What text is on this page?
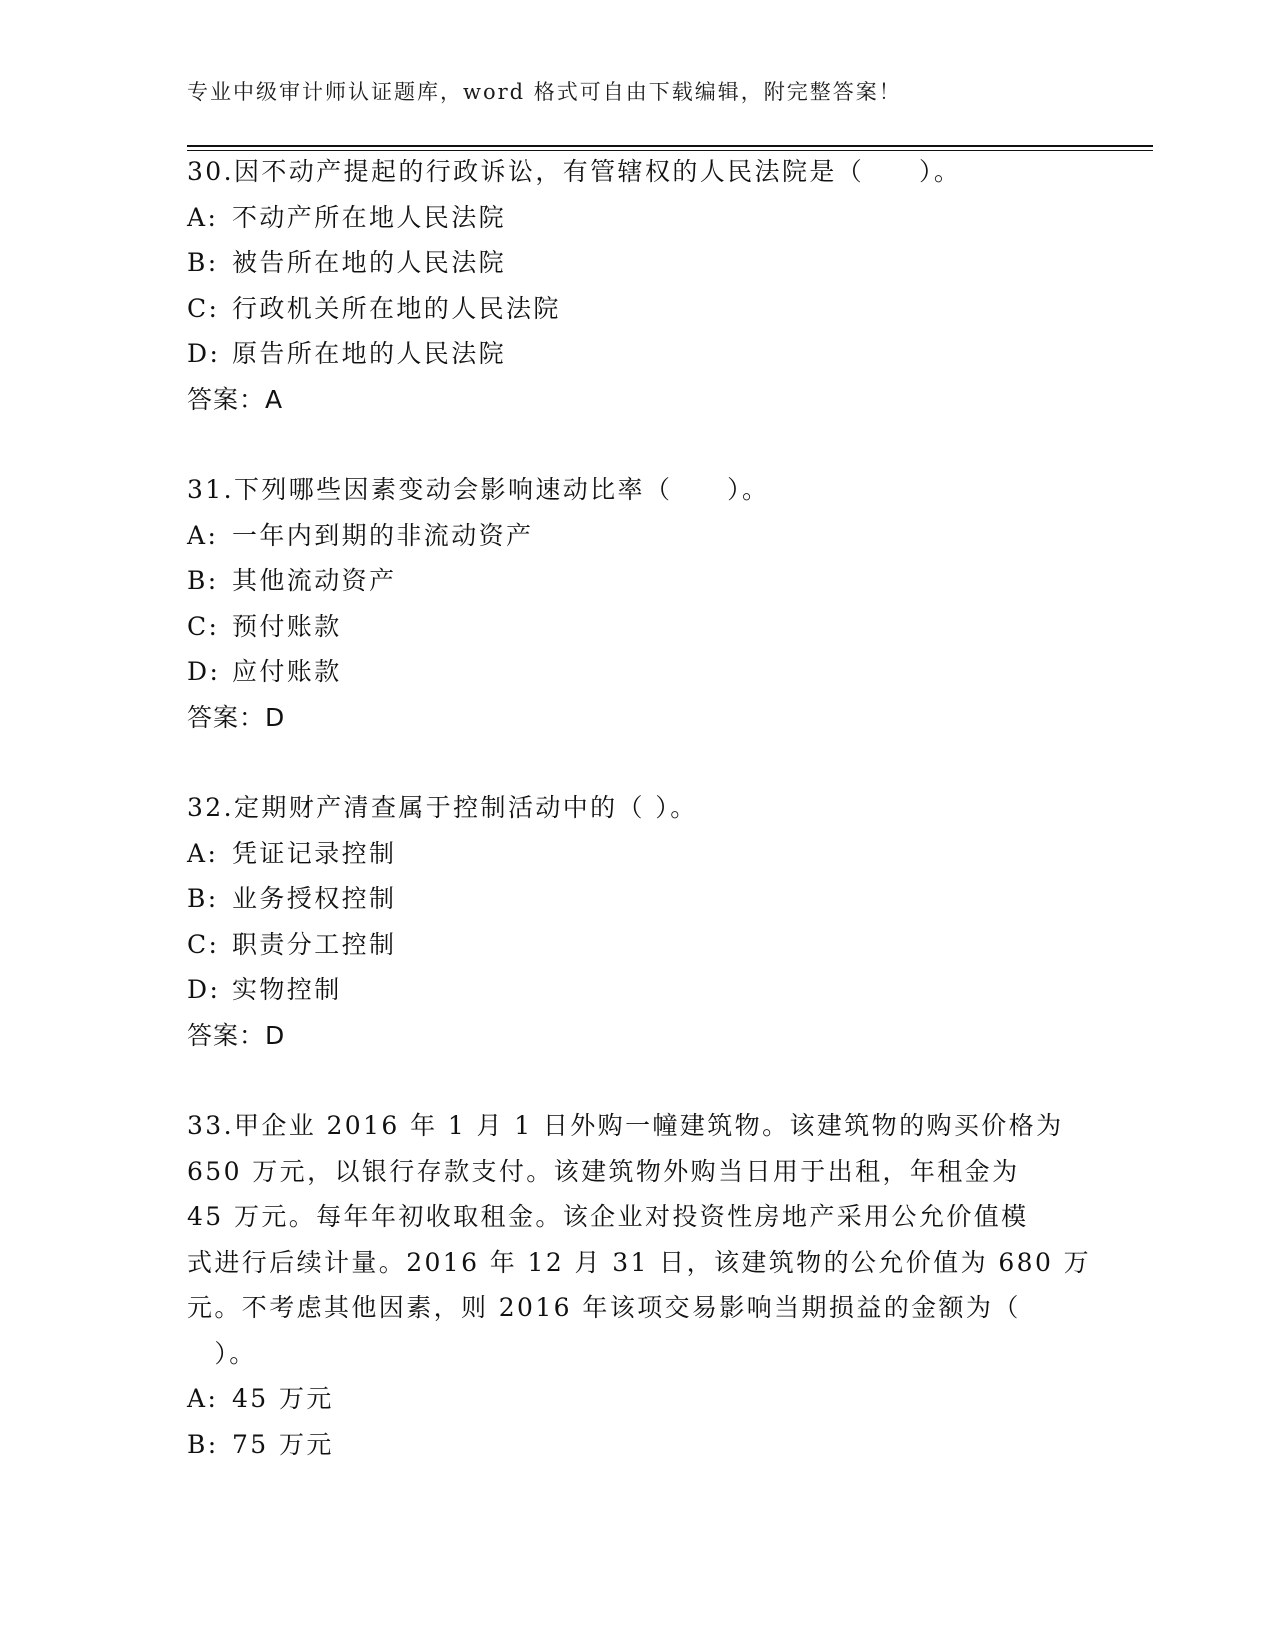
专业中级审计师认证题库，word 格式可自由下载编辑，附完整答案！
30.因不动产提起的行政诉讼，有管辖权的人民法院是（　　）。
A: 不动产所在地人民法院
B: 被告所在地的人民法院
C: 行政机关所在地的人民法院
D: 原告所在地的人民法院
答案：A
31.下列哪些因素变动会影响速动比率（　　）。
A: 一年内到期的非流动资产
B: 其他流动资产
C: 预付账款
D: 应付账款
答案：D
32.定期财产清查属于控制活动中的（ ）。
A: 凭证记录控制
B: 业务授权控制
C: 职责分工控制
D: 实物控制
答案：D
33.甲企业 2016 年 1 月 1 日外购一幢建筑物。该建筑物的购买价格为
650 万元，以银行存款支付。该建筑物外购当日用于出租，年租金为
45 万元。每年年初收取租金。该企业对投资性房地产采用公允价值模
式进行后续计量。2016 年 12 月 31 日，该建筑物的公允价值为 680 万
元。不考虑其他因素，则 2016 年该项交易影响当期损益的金额为（
　）。
A: 45 万元
B: 75 万元
